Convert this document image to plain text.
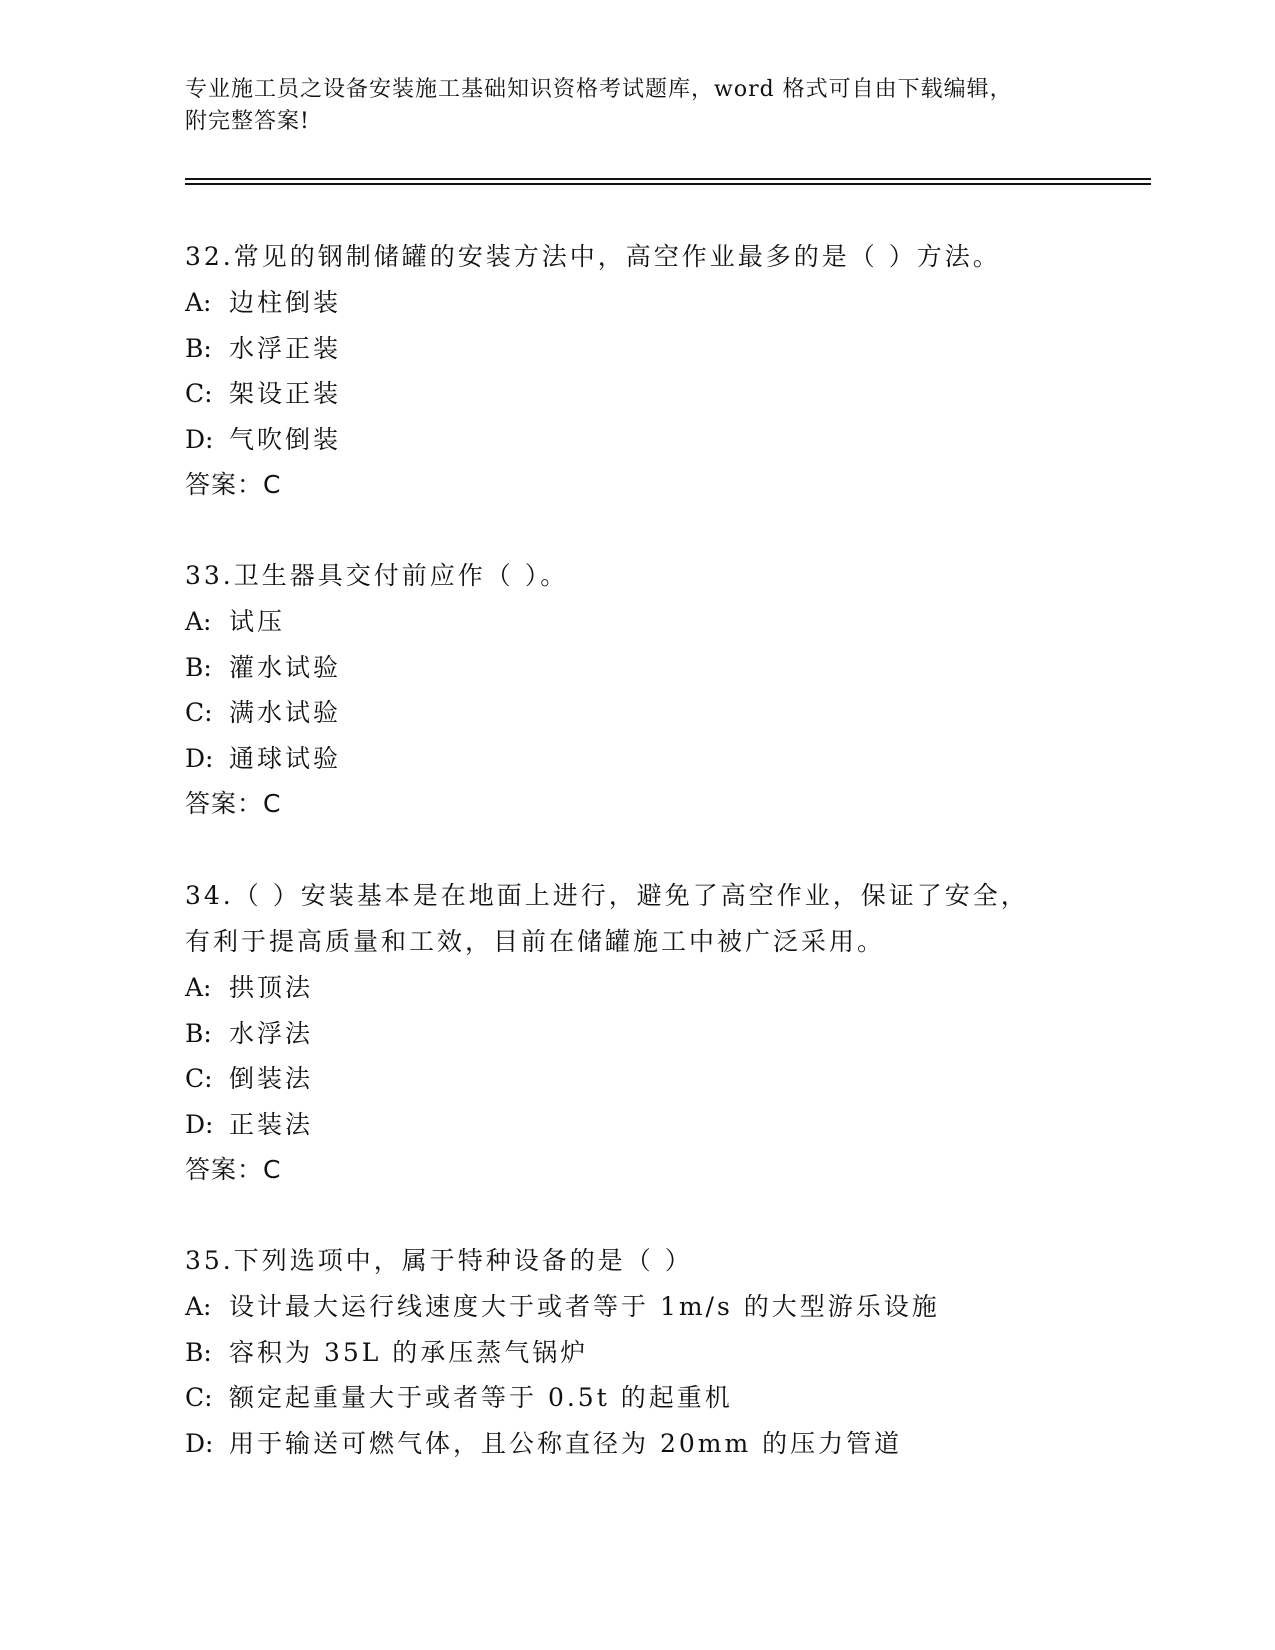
专业施工员之设备安装施工基础知识资格考试题库，word 格式可自由下载编辑，
附完整答案!

32.常见的钢制储罐的安装方法中，高空作业最多的是（ ）方法。

A: 边柱倒装

B: 水浮正装

C: 架设正装

D: 气吹倒装

答案：C

33.卫生器具交付前应作（ ）。

A: 试压

B: 灌水试验

C: 满水试验

D: 通球试验

答案：C

34.（ ）安装基本是在地面上进行，避免了高空作业，保证了安全，

有利于提高质量和工效，目前在储罐施工中被广泛采用。

A: 拱顶法

B: 水浮法

C: 倒装法

D: 正装法

答案：C

35.下列选项中，属于特种设备的是（ ）

A: 设计最大运行线速度大于或者等于 1m/s 的大型游乐设施

B: 容积为 35L 的承压蒸气锅炉

C: 额定起重量大于或者等于 0.5t 的起重机

D: 用于输送可燃气体，且公称直径为 20mm 的压力管道
